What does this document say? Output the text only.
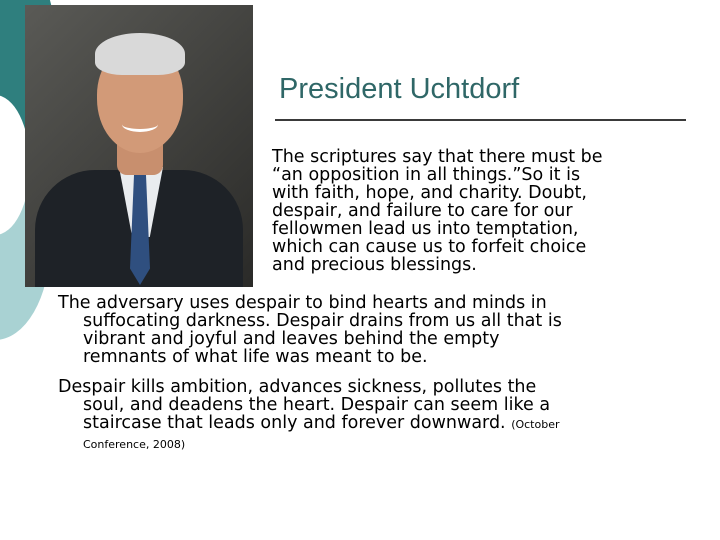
President Uchtdorf

The scriptures say that there must be
“an opposition in all things.”So it is
with faith, hope, and charity. Doubt,
despair, and failure to care for our
fellowmen lead us into temptation,
which can cause us to forfeit choice
and precious blessings.

The adversary uses despair to bind hearts and minds in
suffocating darkness. Despair drains from us all that is
vibrant and joyful and leaves behind the empty
remnants of what life was meant to be.

Despair kills ambition, advances sickness, pollutes the
soul, and deadens the heart. Despair can seem like a
staircase that leads only and forever downward. (October
Conference, 2008)
